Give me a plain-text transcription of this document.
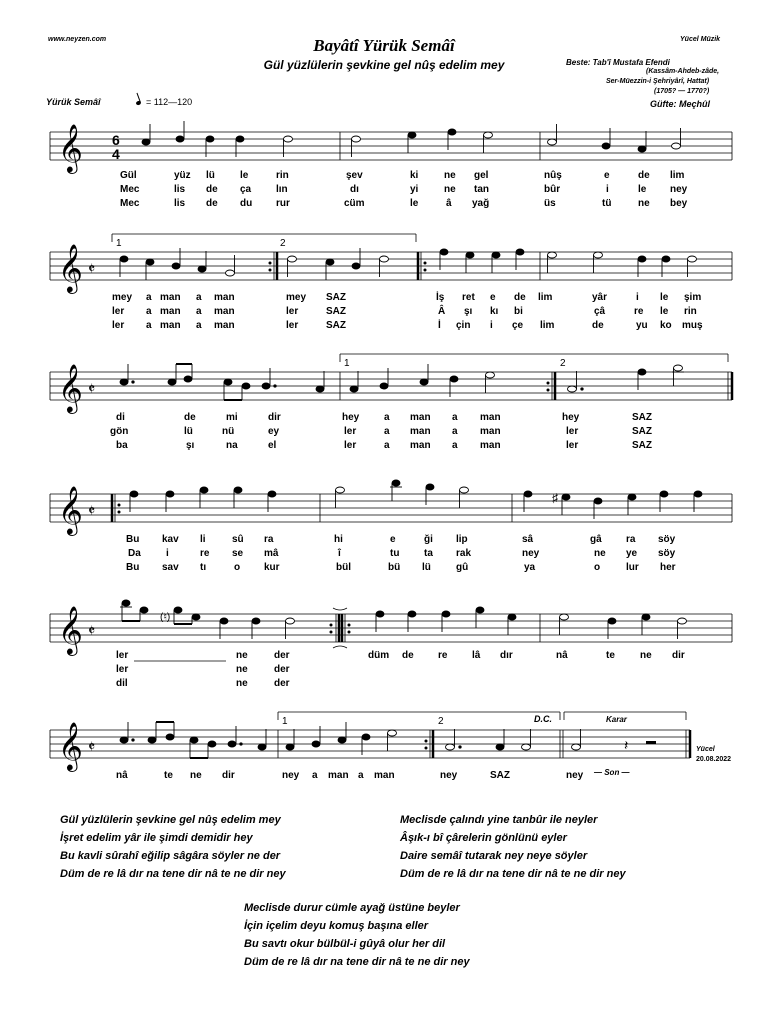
www.neyzen.com	Yücel Müzik
Bayâtî Yürük Semâî
Gül yüzlülerin şevkine gel nûş edelim mey	Beste: Tab'î Mustafa Efendi
(Kassâm-Ahdeb-zâde,
Ser-Müezzin-i Şehriyârî, Hattat)
(1705? — 1770?)
Güfte: Meçhûl
Yürük Semâî	= 112—120
𝄞 6
4
Gül	yüz lü	le	rin	şev	ki	ne gel	nûş	e	de lim
Mec	lis de ça lın	dı	yi	ne tan	bûr	i	le ney
Mec	lis de du rur	cüm	le	â yağ	üs	tü	ne bey
1	2
𝄞 𝄵
mey a man a man	mey SAZ	İş ret e de lim	yâr	i le şim
ler a man a man	ler	SAZ	Â şı kı bi	çâ	re le rin
ler a man a man	ler	SAZ	İ çin i çe lim	de	yu ko muş
1	2
𝄞 𝄵
di	de	mi	dir	hey a man a man	hey	SAZ
gön	lü	nü	ey	ler	a man a man	ler	SAZ
ba	şı	na	el	ler	a man a man	ler	SAZ
𝄞 𝄵
♯
Bu kav li	sû ra	hi	e	ği lip	sâ	gâ ra söy
Da	i	re se mâ	î	tu ta rak	ney	ne ye söy
Bu sav tı	o kur	bül	bü lü	gû	ya	o	lur her
𝄞 𝄵
(♮)
ler	ne	der	düm de re lâ dır	nâ	te	ne dir
ler	ne	der
dil	ne	der
1	2	D.C.	Karar
𝄞 𝄵	𝄽
nâ	te ne dir	ney a man a man	ney	SAZ	ney — Son —
Yücel
20.08.2022
Gül yüzlülerin şevkine gel nûş edelim mey
İşret edelim yâr ile şimdi demidir hey
Bu kavli sûrahî eğilip sâgâra söyler ne der
Düm de re lâ dır na tene dir nâ te ne dir ney
Meclisde çalındı yine tanbûr ile neyler
Âşık-ı bî çârelerin gönlünü eyler
Daire semâî tutarak ney neye söyler
Düm de re lâ dır na tene dir nâ te ne dir ney
Meclisde durur cümle ayağ üstüne beyler
İçin içelim deyu komuş başına eller
Bu savtı okur bülbül-i gûyâ olur her dil
Düm de re lâ dır na tene dir nâ te ne dir ney
